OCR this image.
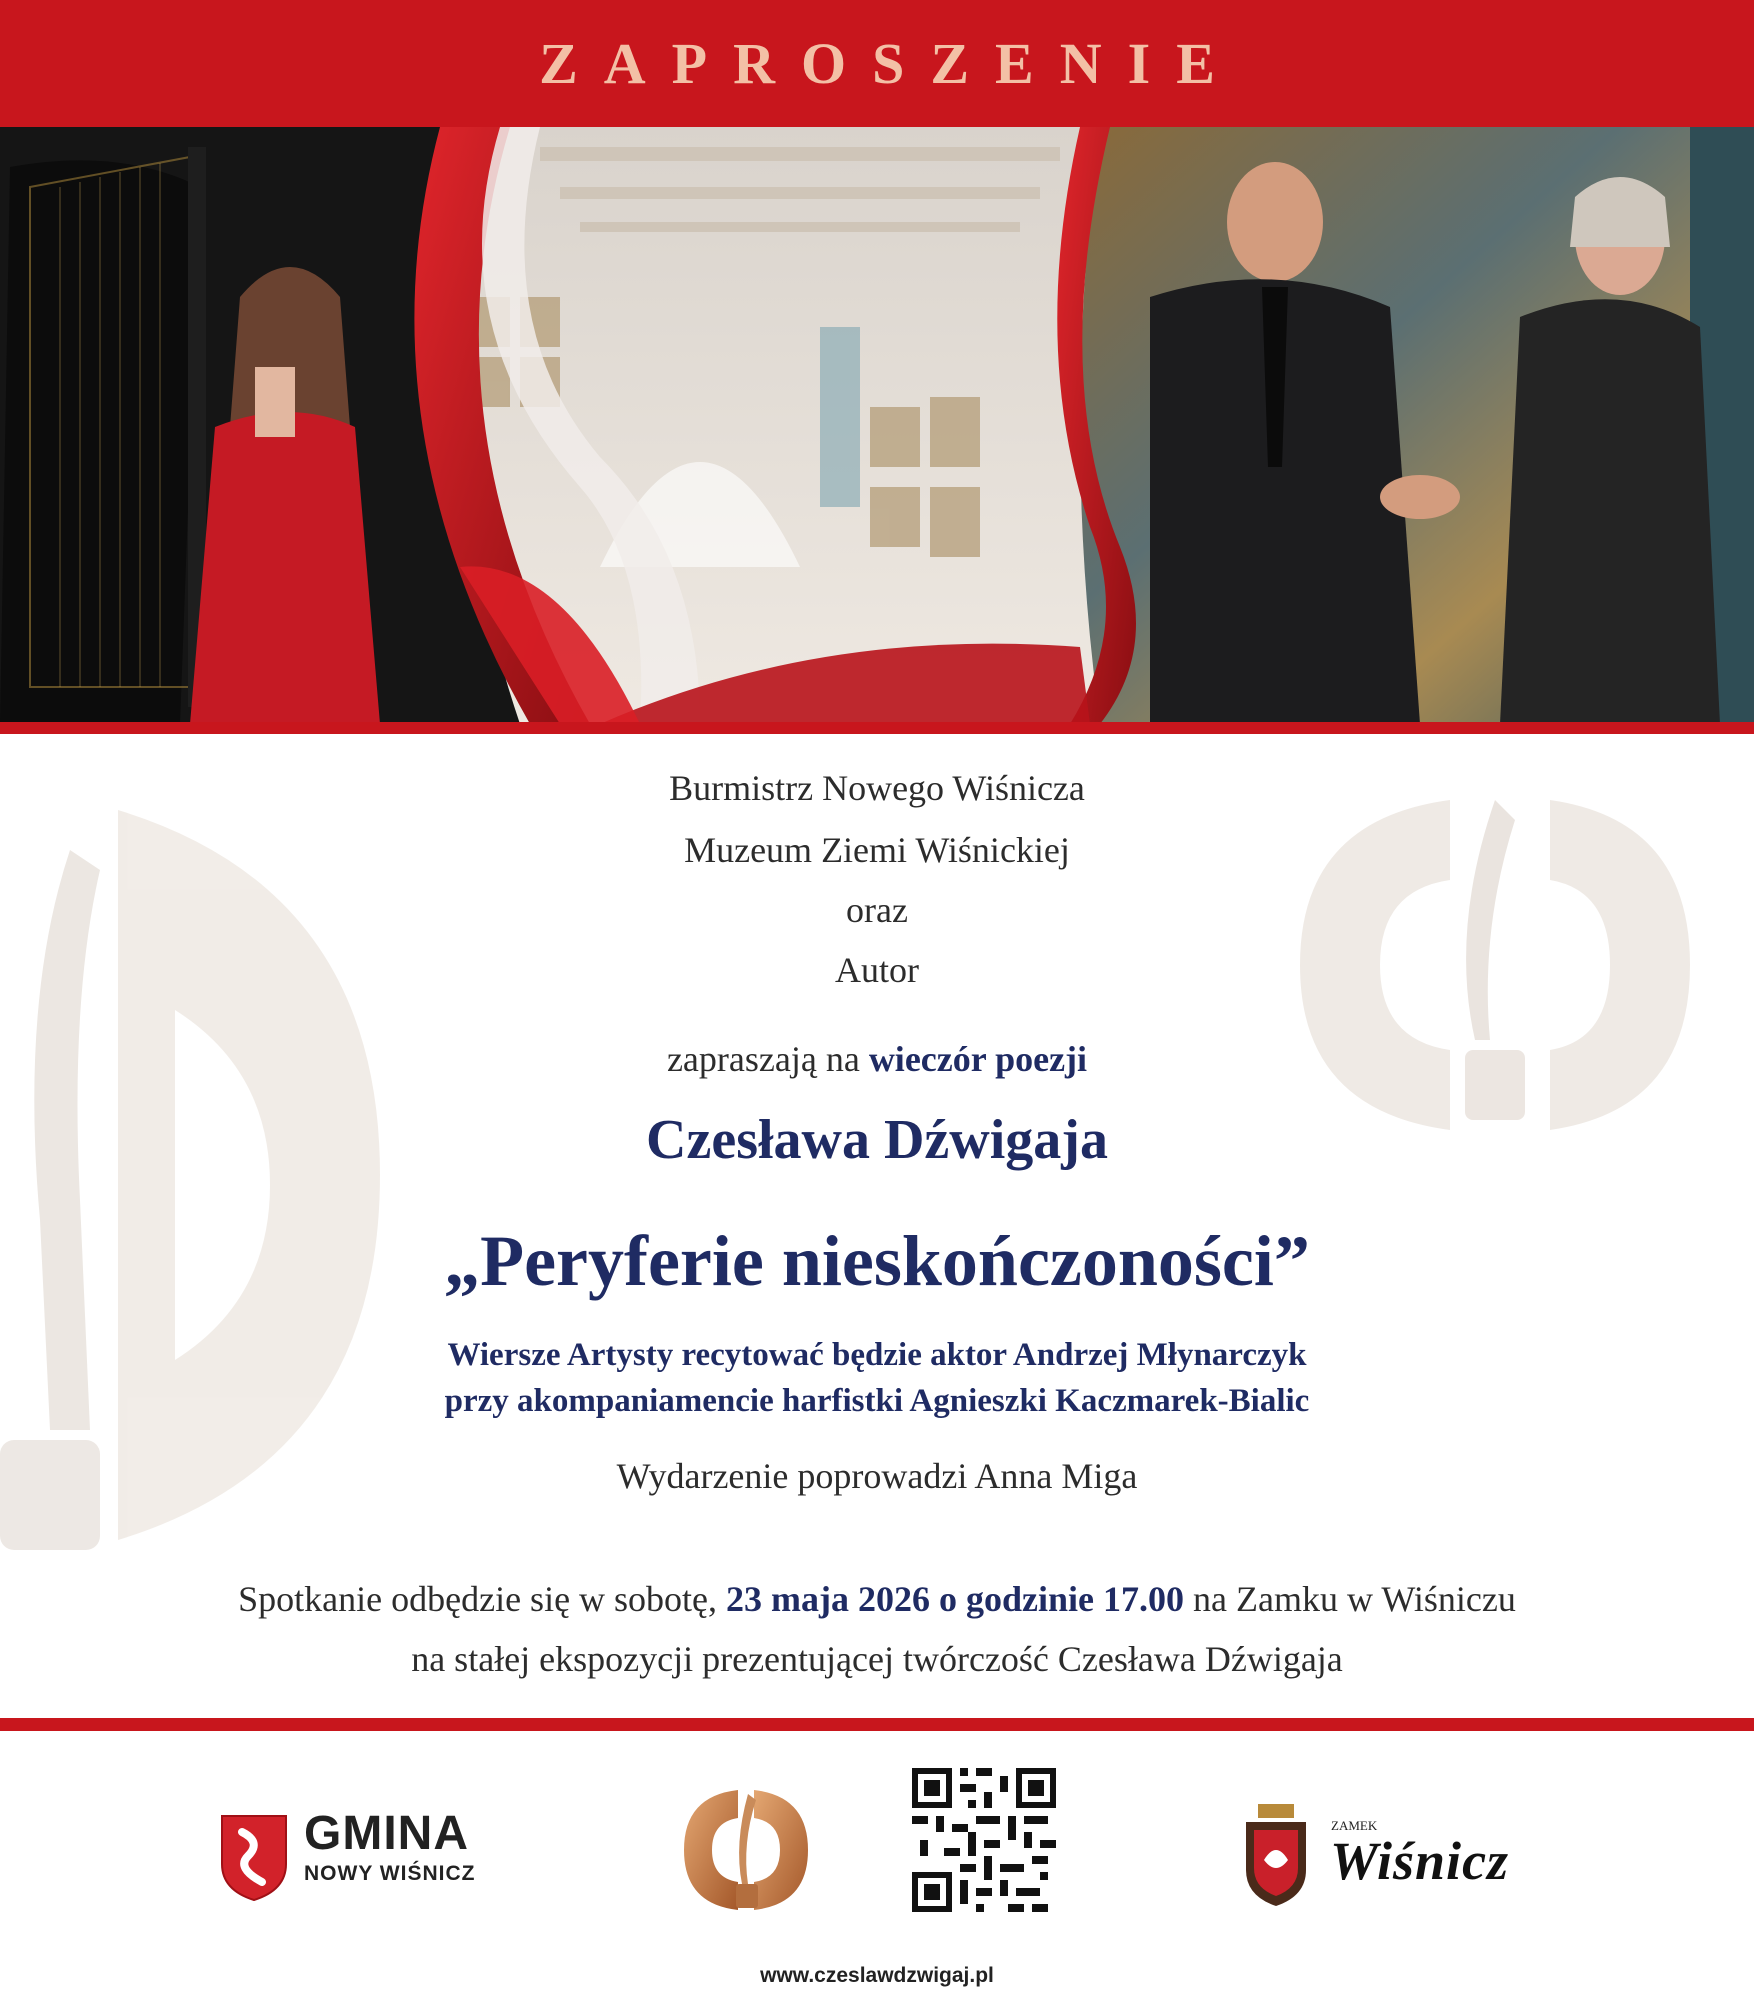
ZAPROSZENIE
Burmistrz Nowego Wiśnicza
Muzeum Ziemi Wiśnickiej
oraz
Autor
zapraszają na wieczór poezji
Czesława Dźwigaja
„Peryferie nieskończoności”
Wiersze Artysty recytować będzie aktor Andrzej Młynarczyk
przy akompaniamencie harfistki Agnieszki Kaczmarek-Bialic
Wydarzenie poprowadzi Anna Miga
Spotkanie odbędzie się w sobotę, 23 maja 2026 o godzinie 17.00 na Zamku w Wiśniczu
na stałej ekspozycji prezentującej twórczość Czesława Dźwigaja
GMINA
NOWY WIŚNICZ
ZAMEK
Wiśnicz
www.czeslawdzwigaj.pl
